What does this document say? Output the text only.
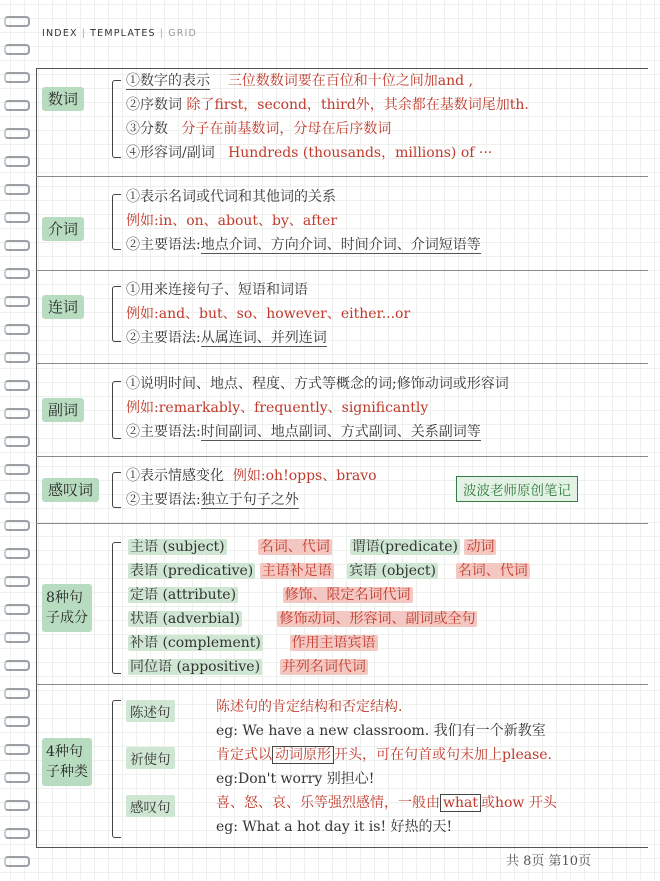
INDEX | TEMPLATES | GRID
数词
①数字的表示 三位数数词要在百位和十位之间加and ,
②序数词 除了first，second，third外，其余都在基数词尾加th.
③分数 分子在前基数词，分母在后序数词
④形容词/副词 Hundreds (thousands，millions) of ···
介词
①表示名词或代词和其他词的关系
例如:in、on、about、by、after
②主要语法:地点介词、方向介词、时间介词、介词短语等
连词
①用来连接句子、短语和词语
例如:and、but、so、however、either...or
②主要语法:从属连词、并列连词
副词
①说明时间、地点、程度、方式等概念的词;修饰动词或形容词
例如:remarkably、frequently、significantly
②主要语法:时间副词、地点副词、方式副词、关系副词等
感叹词
①表示情感变化 例如:oh!opps、bravo
②主要语法:独立于句子之外
波波老师原创笔记
8种句
子成分
主语 (subject)	名词、代词 谓语(predicate) 动词
表语 (predicative) 主语补足语 宾语 (object) 名词、代词
定语 (attribute)	修饰、限定名词代词
状语 (adverbial)	修饰动词、形容词、副词或全句
补语 (complement) 作用主语宾语
同位语 (appositive) 并列名词代词
4种句
子种类
陈述句	陈述句的肯定结构和否定结构.
eg: We have a new classroom. 我们有一个新教室
祈使句	肯定式以 动词原形 开头，可在句首或句末加上please.
eg:Don't worry 别担心!
感叹句	喜、怒、哀、乐等强烈感情，一般由 what 或how 开头
eg: What a hot day it is! 好热的天!
共 8页 第10页
